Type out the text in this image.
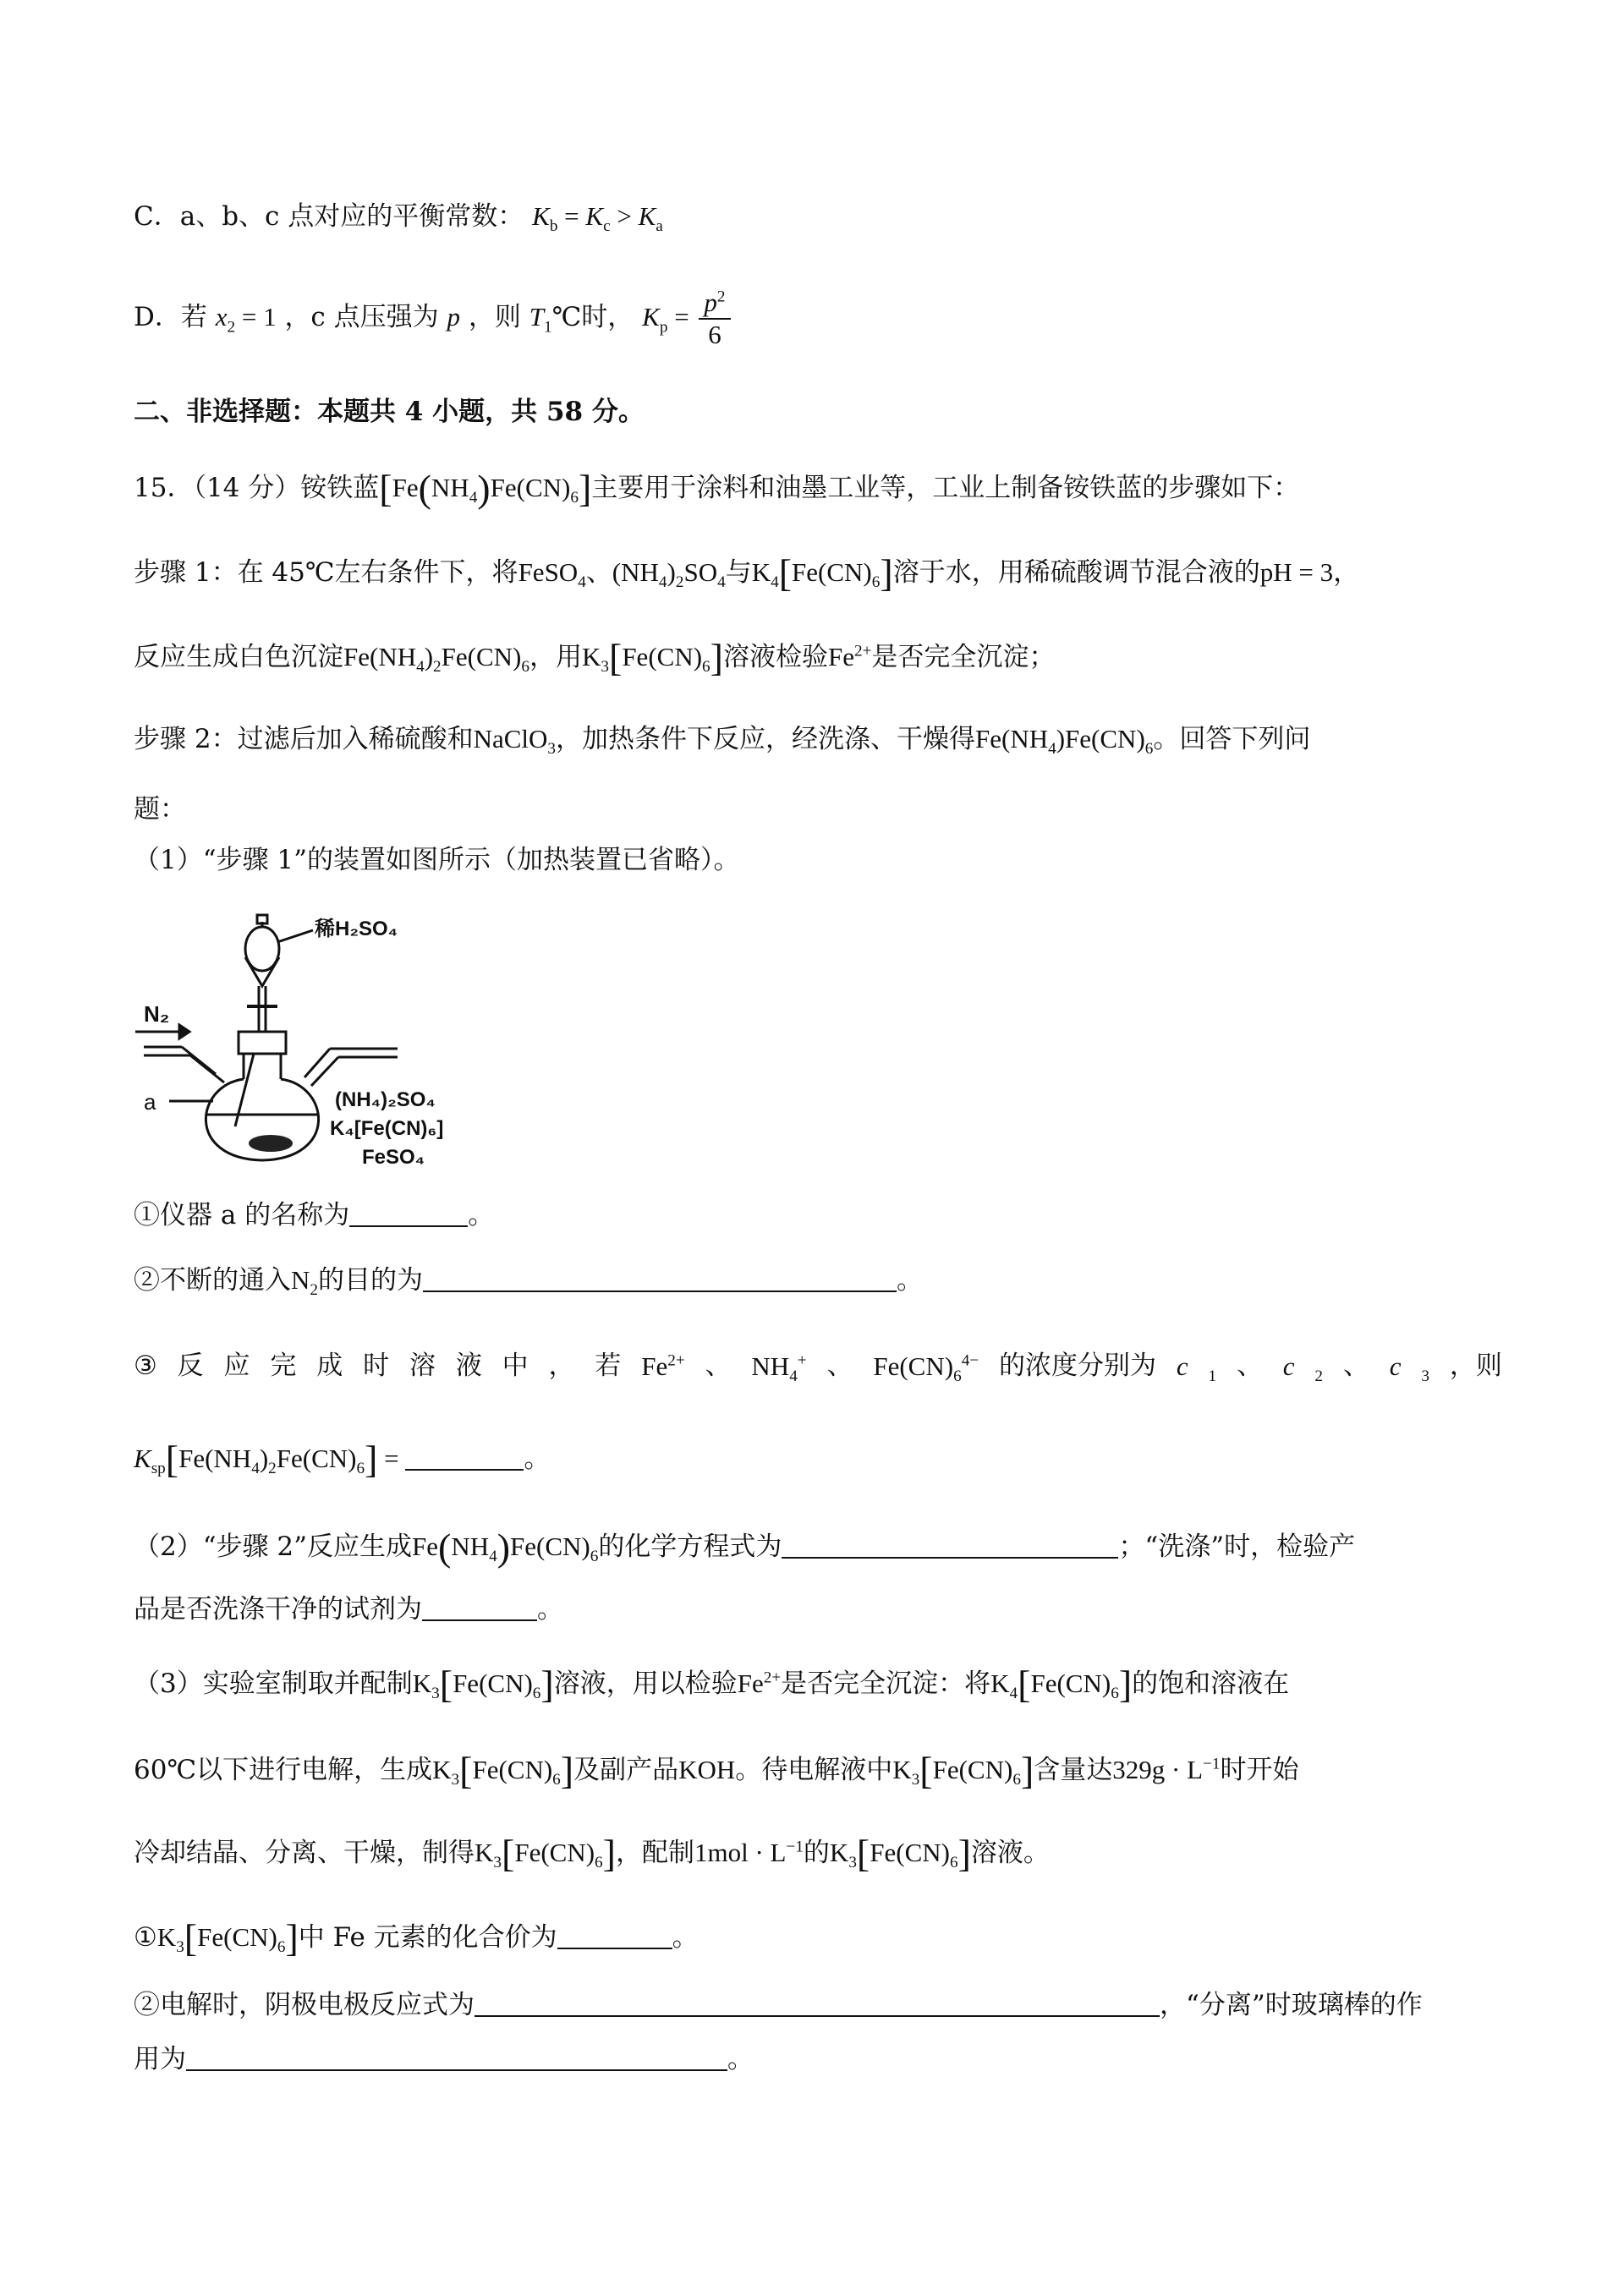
C．a、b、c 点对应的平衡常数： $K_b = K_c > K_a$
D．若 $x_2 = 1$ ，c 点压强为 p ，则 $T_1℃$时， $K_p = \frac{p^2}{6}$
二、非选择题：本题共 4 小题，共 58 分。
15．（14 分）铵铁蓝$[Fe(NH_4)Fe(CN)_6]$主要用于涂料和油墨工业等，工业上制备铵铁蓝的步骤如下：
步骤 1：在 45℃左右条件下，将FeSO$_4$、$(NH_4)_2SO_4$与$K_4[Fe(CN)_6]$溶于水，用稀硫酸调节混合液的pH = 3，
反应生成白色沉淀$Fe(NH_4)_2Fe(CN)_6$，用$K_3[Fe(CN)_6]$溶液检验$Fe^{2+}$是否完全沉淀；
步骤 2：过滤后加入稀硫酸和NaClO$_3$，加热条件下反应，经洗涤、干燥得$Fe(NH_4)Fe(CN)_6$。回答下列问
题：
（1）“步骤 1”的装置如图所示（加热装置已省略）。
稀H₂SO₄
N₂
a	(NH₄)₂SO₄
K₄[Fe(CN)₆]
FeSO₄
①仪器 a 的名称为	。
②不断的通入$N_2$的目的为	。
③ 反 应 完 成 时 溶 液 中 ， 若 $Fe^{2+}$ 、 $NH_4^+$ 、 $Fe(CN)_6^{4-}$ 的浓度分别为 c $_1$ 、 c $_2$ 、 c $_3$ ，则
$K_{sp}[Fe(NH_4)_2Fe(CN)_6]$ =	。
（2）“步骤 2”反应生成$Fe(NH_4)Fe(CN)_6$的化学方程式为	；“洗涤”时，检验产
品是否洗涤干净的试剂为	。
（3）实验室制取并配制$K_3[Fe(CN)_6]$溶液，用以检验$Fe^{2+}$是否完全沉淀：将$K_4[Fe(CN)_6]$的饱和溶液在
60℃以下进行电解，生成$K_3[Fe(CN)_6]$及副产品KOH。待电解液中$K_3[Fe(CN)_6]$含量达$329g \cdot L^{-1}$时开始
冷却结晶、分离、干燥，制得$K_3[Fe(CN)_6]$，配制$1mol \cdot L^{-1}$的$K_3[Fe(CN)_6]$溶液。
$①K_3[Fe(CN)_6]$中 Fe 元素的化合价为	。
②电解时，阴极电极反应式为	，“分离”时玻璃棒的作
用为	。
